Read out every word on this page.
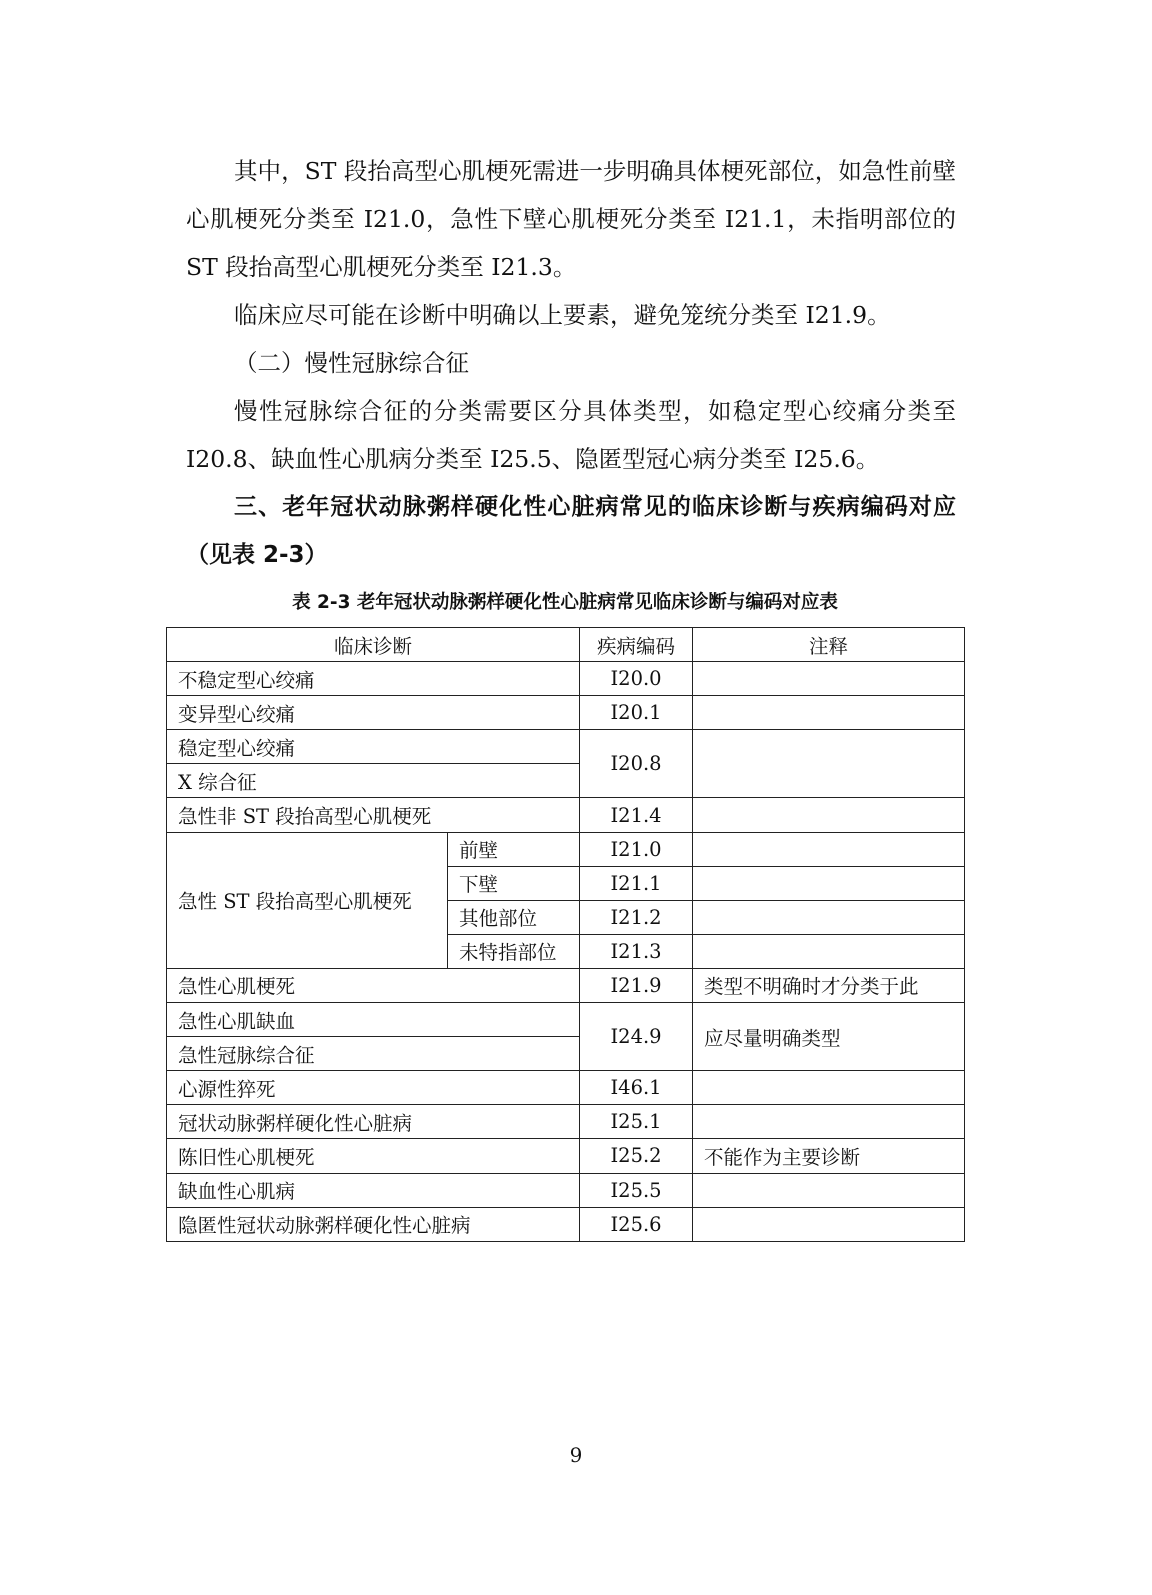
其中，ST 段抬高型心肌梗死需进一步明确具体梗死部位，如急性前壁心肌梗死分类至 I21.0，急性下壁心肌梗死分类至 I21.1，未指明部位的 ST 段抬高型心肌梗死分类至 I21.3。

临床应尽可能在诊断中明确以上要素，避免笼统分类至 I21.9。

（二）慢性冠脉综合征

慢性冠脉综合征的分类需要区分具体类型，如稳定型心绞痛分类至 I20.8、缺血性心肌病分类至 I25.5、隐匿型冠心病分类至 I25.6。

三、老年冠状动脉粥样硬化性心脏病常见的临床诊断与疾病编码对应（见表 2-3）

表 2-3 老年冠状动脉粥样硬化性心脏病常见临床诊断与编码对应表

临床诊断		疾病编码	注释
不稳定型心绞痛		I20.0	
变异型心绞痛		I20.1	
稳定型心绞痛		I20.8	
X 综合征			
急性非 ST 段抬高型心肌梗死		I21.4	
急性 ST 段抬高型心肌梗死	前壁	I21.0	
	下壁	I21.1	
	其他部位	I21.2	
	未特指部位	I21.3	
急性心肌梗死		I21.9	类型不明确时才分类于此
急性心肌缺血		I24.9	应尽量明确类型
急性冠脉综合征			
心源性猝死		I46.1	
冠状动脉粥样硬化性心脏病		I25.1	
陈旧性心肌梗死		I25.2	不能作为主要诊断
缺血性心肌病		I25.5	
隐匿性冠状动脉粥样硬化性心脏病		I25.6	

9
